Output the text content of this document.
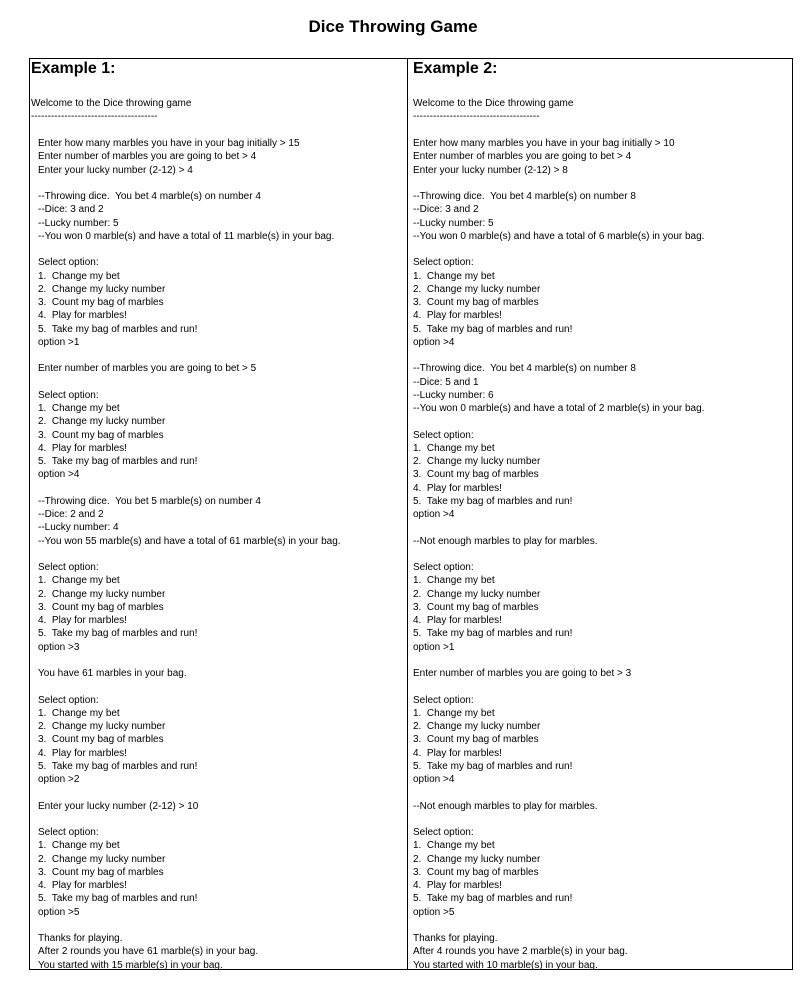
Dice Throwing Game
Example 1:
Welcome to the Dice throwing game
--------------------------------------
Enter how many marbles you have in your bag initially > 15
Enter number of marbles you are going to bet > 4
Enter your lucky number (2-12) > 4
--Throwing dice.  You bet 4 marble(s) on number 4
--Dice: 3 and 2
--Lucky number: 5
--You won 0 marble(s) and have a total of 11 marble(s) in your bag.
Select option:
1.  Change my bet
2.  Change my lucky number
3.  Count my bag of marbles
4.  Play for marbles!
5.  Take my bag of marbles and run!
option >1
Enter number of marbles you are going to bet > 5
Select option:
1.  Change my bet
2.  Change my lucky number
3.  Count my bag of marbles
4.  Play for marbles!
5.  Take my bag of marbles and run!
option >4
--Throwing dice.  You bet 5 marble(s) on number 4
--Dice: 2 and 2
--Lucky number: 4
--You won 55 marble(s) and have a total of 61 marble(s) in your bag.
Select option:
1.  Change my bet
2.  Change my lucky number
3.  Count my bag of marbles
4.  Play for marbles!
5.  Take my bag of marbles and run!
option >3
You have 61 marbles in your bag.
Select option:
1.  Change my bet
2.  Change my lucky number
3.  Count my bag of marbles
4.  Play for marbles!
5.  Take my bag of marbles and run!
option >2
Enter your lucky number (2-12) > 10
Select option:
1.  Change my bet
2.  Change my lucky number
3.  Count my bag of marbles
4.  Play for marbles!
5.  Take my bag of marbles and run!
option >5
Thanks for playing.
After 2 rounds you have 61 marble(s) in your bag.
You started with 15 marble(s) in your bag.
Example 2:
Welcome to the Dice throwing game
--------------------------------------
Enter how many marbles you have in your bag initially > 10
Enter number of marbles you are going to bet > 4
Enter your lucky number (2-12) > 8
--Throwing dice.  You bet 4 marble(s) on number 8
--Dice: 3 and 2
--Lucky number: 5
--You won 0 marble(s) and have a total of 6 marble(s) in your bag.
Select option:
1.  Change my bet
2.  Change my lucky number
3.  Count my bag of marbles
4.  Play for marbles!
5.  Take my bag of marbles and run!
option >4
--Throwing dice.  You bet 4 marble(s) on number 8
--Dice: 5 and 1
--Lucky number: 6
--You won 0 marble(s) and have a total of 2 marble(s) in your bag.
Select option:
1.  Change my bet
2.  Change my lucky number
3.  Count my bag of marbles
4.  Play for marbles!
5.  Take my bag of marbles and run!
option >4
--Not enough marbles to play for marbles.
Select option:
1.  Change my bet
2.  Change my lucky number
3.  Count my bag of marbles
4.  Play for marbles!
5.  Take my bag of marbles and run!
option >1
Enter number of marbles you are going to bet > 3
Select option:
1.  Change my bet
2.  Change my lucky number
3.  Count my bag of marbles
4.  Play for marbles!
5.  Take my bag of marbles and run!
option >4
--Not enough marbles to play for marbles.
Select option:
1.  Change my bet
2.  Change my lucky number
3.  Count my bag of marbles
4.  Play for marbles!
5.  Take my bag of marbles and run!
option >5
Thanks for playing.
After 4 rounds you have 2 marble(s) in your bag.
You started with 10 marble(s) in your bag.
